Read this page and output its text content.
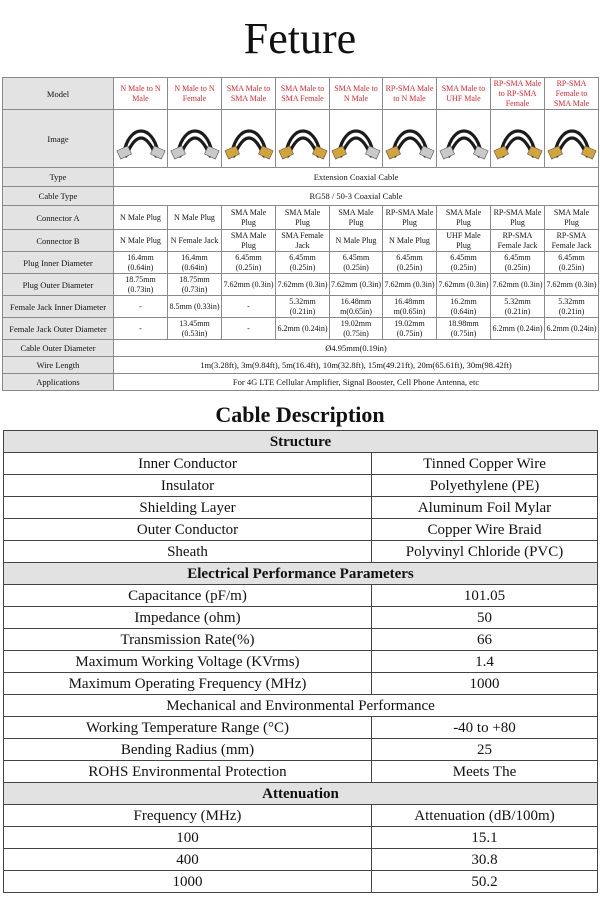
Feture
Model	N Male to N Male	N Male to N Female	SMA Male to SMA Male	SMA Male to SMA Female	SMA Male to N Male	RP-SMA Male to N Male	SMA Male to UHF Male	RP-SMA Male to RP-SMA Female	RP-SMA Female to SMA Male
Image	

Type	Extension Coaxial Cable								
Cable Type	RG58 / 50-3 Coaxial Cable								
Connector A	N Male Plug	N Male Plug	SMA Male Plug	SMA Male Plug	SMA Male Plug	RP-SMA Male Plug	SMA Male Plug	RP-SMA Male Plug	SMA Male Plug
Connector B	N Male Plug	N Female Jack	SMA Male Plug	SMA Female Jack	N Male Plug	N Male Plug	UHF Male Plug	RP-SMA Female Jack	RP-SMA Female Jack
Plug Inner Diameter	16.4mm (0.64in)	16.4mm (0.64in)	6.45mm (0.25in)	6.45mm (0.25in)	6.45mm (0.25in)	6.45mm (0.25in)	6.45mm (0.25in)	6.45mm (0.25in)	6.45mm (0.25in)
Plug Outer Diameter	18.75mm (0.73in)	18.75mm (0.73in)	7.62mm (0.3in)	7.62mm (0.3in)	7.62mm (0.3in)	7.62mm (0.3in)	7.62mm (0.3in)	7.62mm (0.3in)	7.62mm (0.3in)
Female Jack Inner Diameter	-	8.5mm (0.33in)	-	5.32mm (0.21in)	16.48mm m(0.65in)	16.48mm m(0.65in)	16.2mm (0.64in)	5.32mm (0.21in)	5.32mm (0.21in)
Female Jack Outer Diameter	-	13.45mm (0.53in)	-	6.2mm (0.24in)	19.02mm (0.75in)	19.02mm (0.75in)	18.98mm (0.75in)	6.2mm (0.24in)	6.2mm (0.24in)
Cable Outer Diameter	Ø4.95mm(0.19in)								
Wire Length	1m(3.28ft), 3m(9.84ft), 5m(16.4ft), 10m(32.8ft), 15m(49.21ft), 20m(65.61ft), 30m(98.42ft)								
Applications	For 4G LTE Cellular Amplifier, Signal Booster, Cell Phone Antenna, etc								
Cable Description
Structure	
Inner Conductor	Tinned Copper Wire
Insulator	Polyethylene (PE)
Shielding Layer	Aluminum Foil Mylar
Outer Conductor	Copper Wire Braid
Sheath	Polyvinyl Chloride (PVC)
Electrical Performance Parameters	
Capacitance (pF/m)	101.05
Impedance (ohm)	50
Transmission Rate(%)	66
Maximum Working Voltage (KVrms)	1.4
Maximum Operating Frequency (MHz)	1000
Mechanical and Environmental Performance	
Working Temperature Range (°C)	-40 to +80
Bending Radius (mm)	25
ROHS Environmental Protection	Meets The
Attenuation	
Frequency (MHz)	Attenuation (dB/100m)
100	15.1
400	30.8
1000	50.2
